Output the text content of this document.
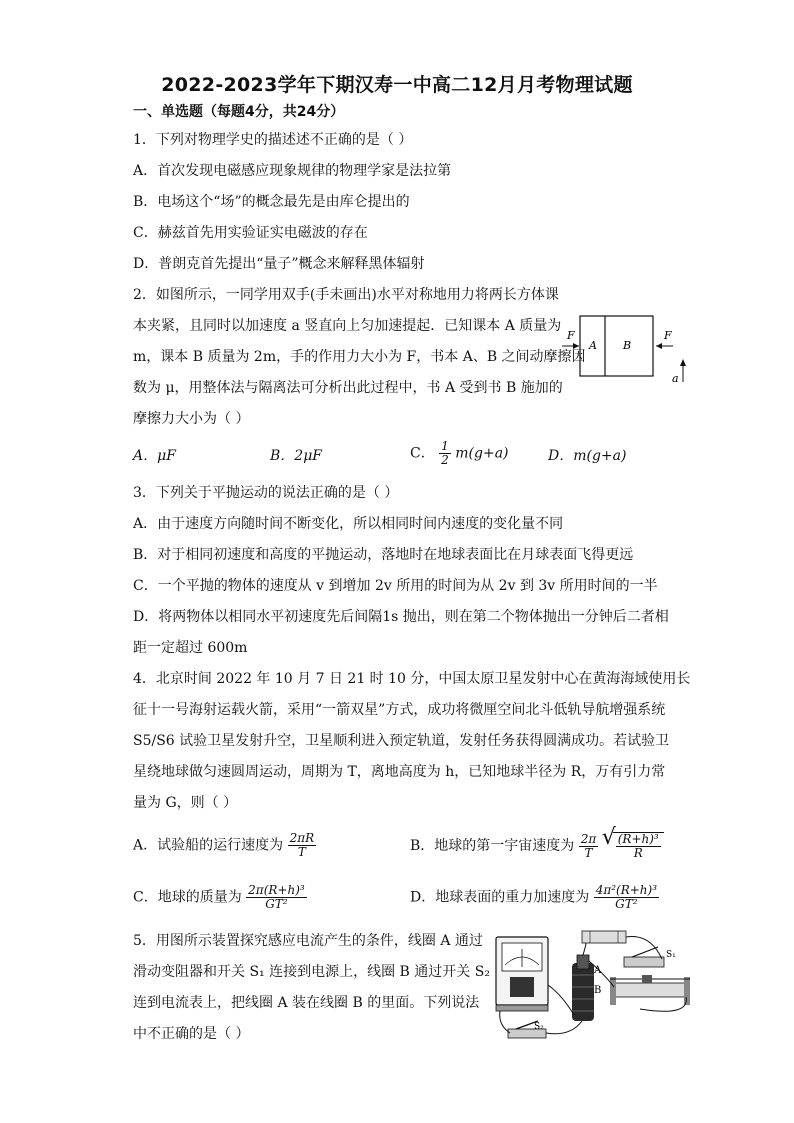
2022-2023学年下期汉寿一中高二12月月考物理试题
一、单选题（每题4分，共24分）
1．下列对物理学史的描述述不正确的是（ ）
A．首次发现电磁感应现象规律的物理学家是法拉第
B．电场这个“场”的概念最先是由库仑提出的
C．赫兹首先用实验证实电磁波的存在
D．普朗克首先提出“量子”概念来解释黑体辐射
2．如图所示，一同学用双手(手未画出)水平对称地用力将两长方体课
本夹紧，且同时以加速度 a 竖直向上匀加速提起．已知课本 A 质量为
m，课本 B 质量为 2m，手的作用力大小为 F，书本 A、B 之间动摩擦因
数为 μ，用整体法与隔离法可分析出此过程中，书 A 受到书 B 施加的
摩擦力大小为（ ）
F	F
A B
a
A．μF	B．2μF	C． $\frac{1}{2} m(g+a)$	D．m(g+a)
3．下列关于平抛运动的说法正确的是（ ）
A．由于速度方向随时间不断变化，所以相同时间内速度的变化量不同
B．对于相同初速度和高度的平抛运动，落地时在地球表面比在月球表面飞得更远
C．一个平抛的物体的速度从 v 到增加 2v 所用的时间为从 2v 到 3v 所用时间的一半
D．将两物体以相同水平初速度先后间隔1s 抛出，则在第二个物体抛出一分钟后二者相
距一定超过 600m
4．北京时间 2022 年 10 月 7 日 21 时 10 分，中国太原卫星发射中心在黄海海域使用长
征十一号海射运载火箭，采用“一箭双星”方式，成功将微厘空间北斗低轨导航增强系统
S5/S6 试验卫星发射升空，卫星顺利进入预定轨道，发射任务获得圆满成功。若试验卫
星绕地球做匀速圆周运动，周期为 T，离地高度为 h，已知地球半径为 R，万有引力常
量为 G，则（ ）
A．试验船的运行速度为 $\frac{2\pi R}{T}$	B．地球的第一宇宙速度为 $\frac{2\pi}{T}$

√ $\frac{\text{(R+h)³}}{R}$
C．地球的质量为 $\frac{\text{2π(R+h)³}}{\text{GT²}}$	D．地球表面的重力加速度为 $\frac{\text{4π²(R+h)³}}{\text{GT²}}$
5．用图所示装置探究感应电流产生的条件，线圈 A 通过
滑动变阻器和开关 S₁ 连接到电源上，线圈 B 通过开关 S₂
连到电流表上，把线圈 A 装在线圈 B 的里面。下列说法
中不正确的是（ ）
A
B
S₁
S₂
